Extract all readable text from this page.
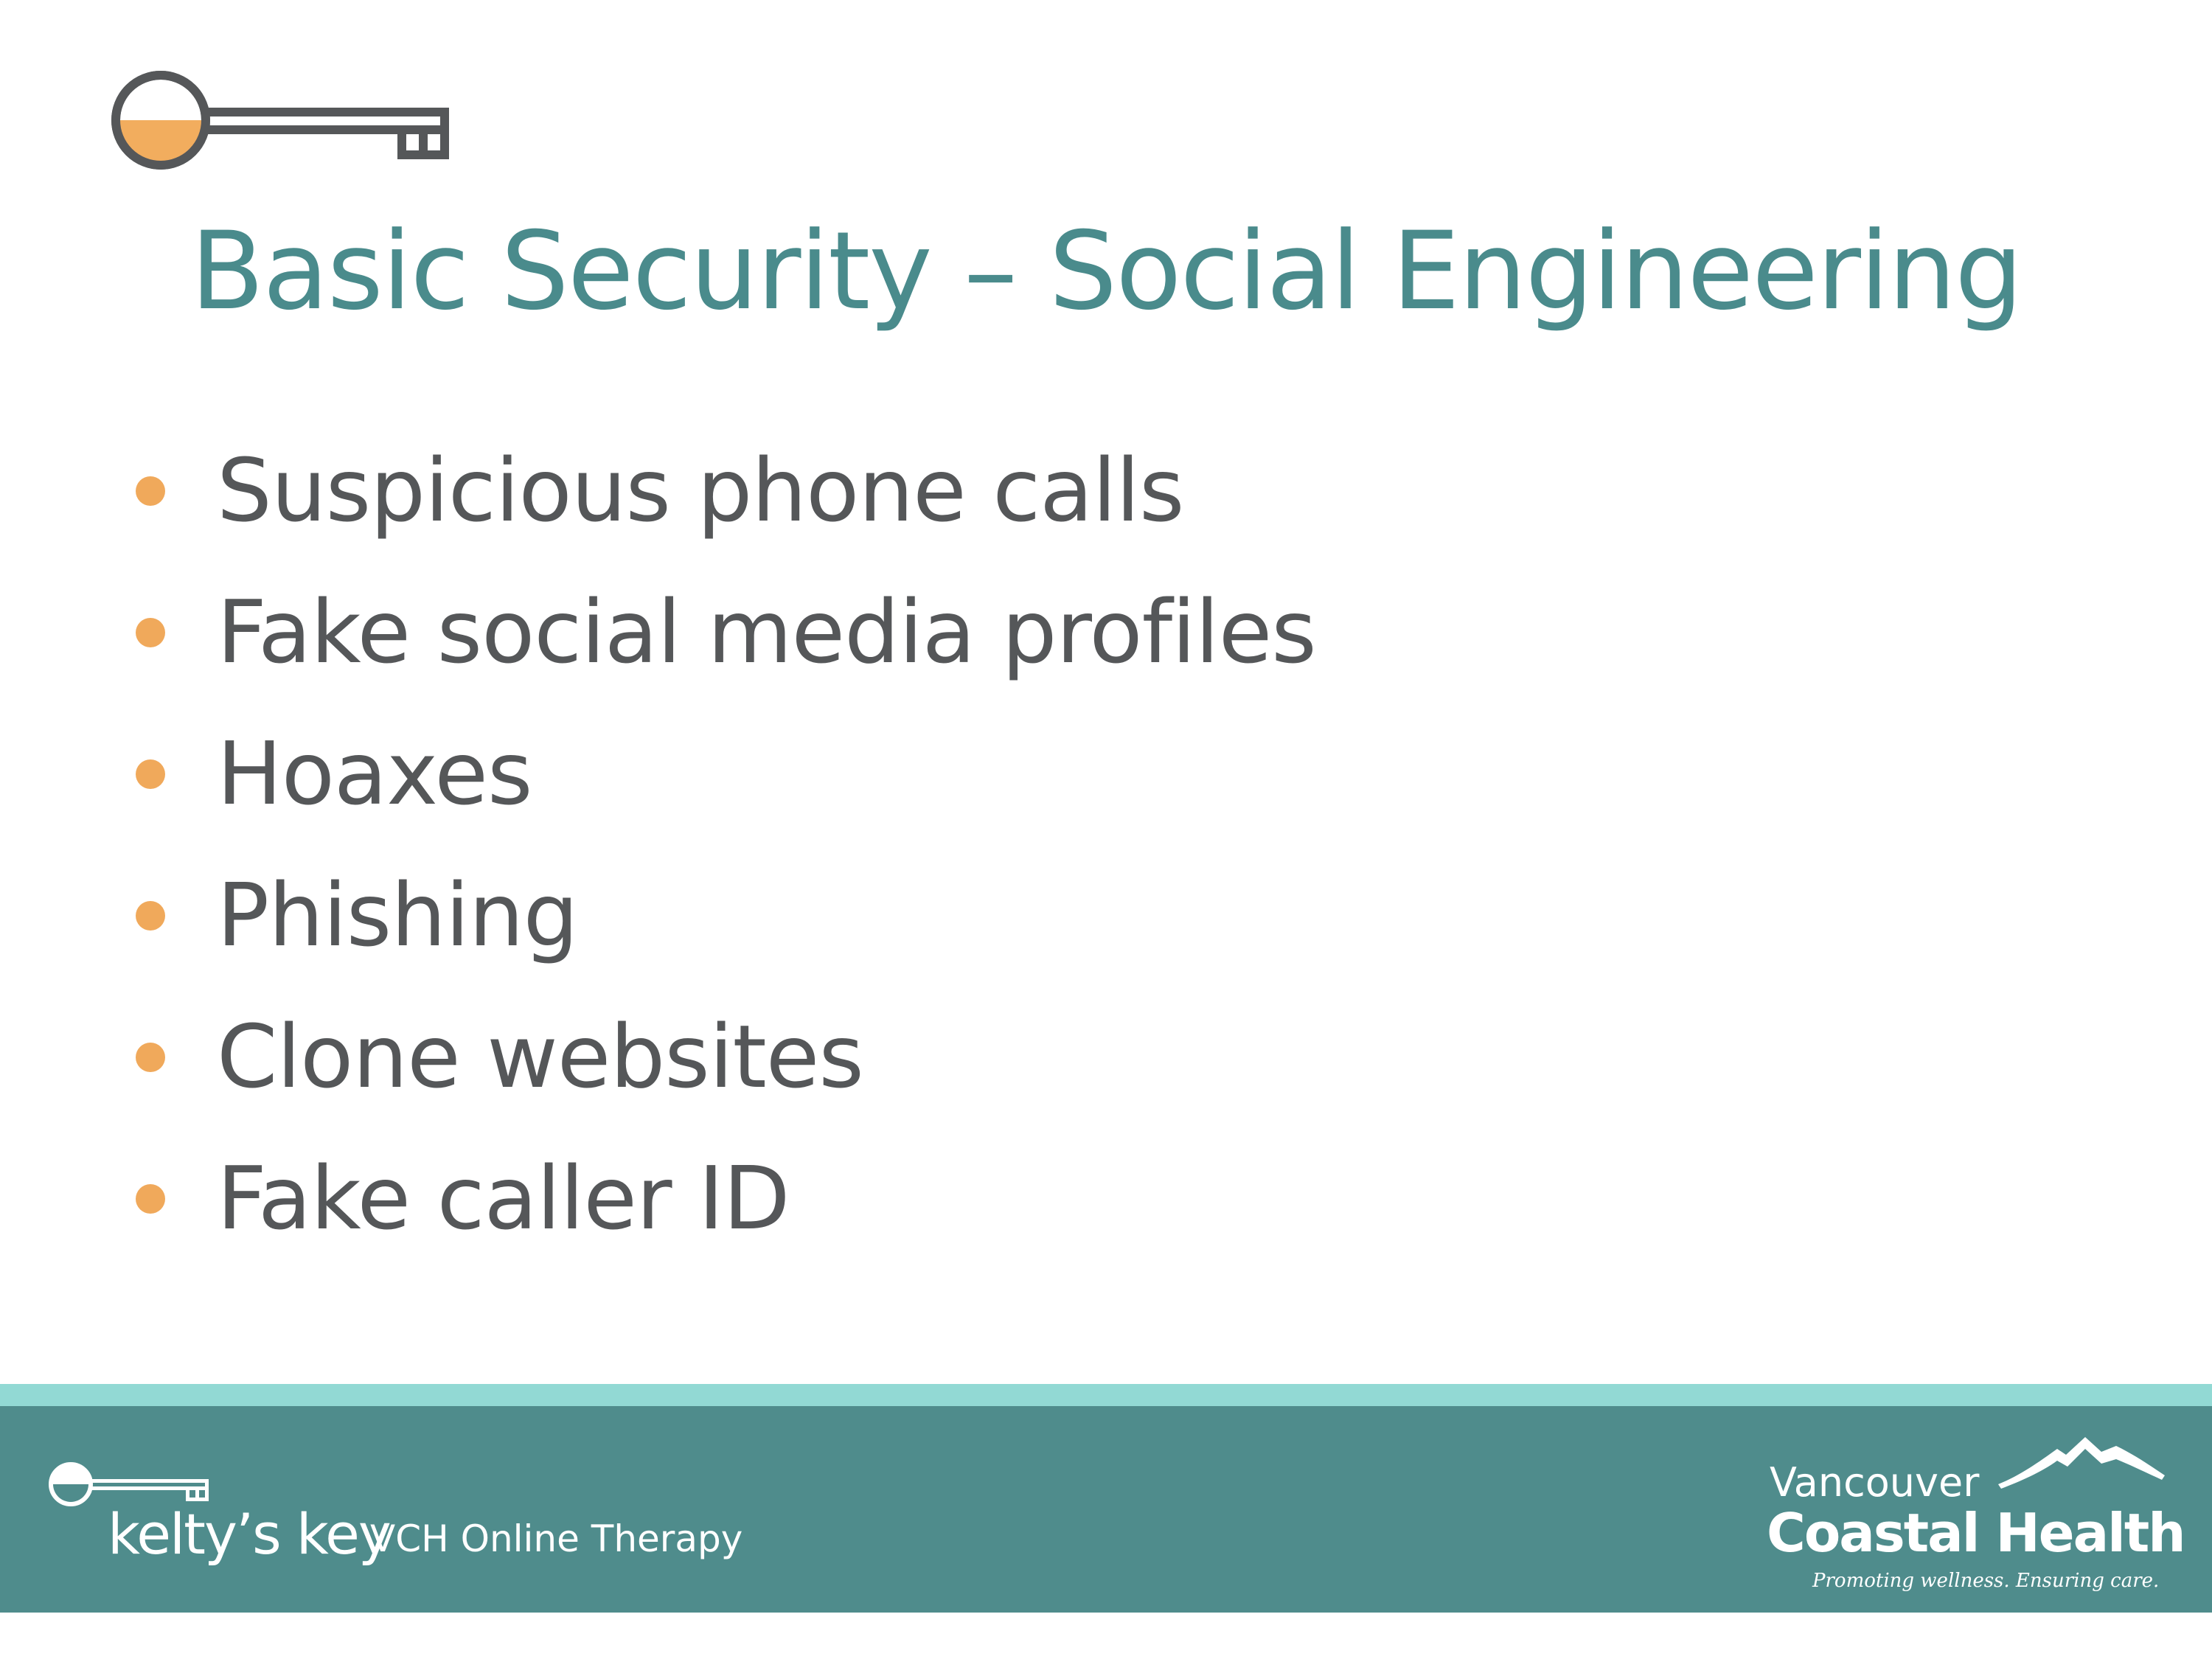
Basic Security – Social Engineering
Suspicious phone calls
Fake social media profiles
Hoaxes
Phishing
Clone websites
Fake caller ID
kelty’s key
VCH Online Therapy
Vancouver
Coastal Health
Promoting wellness. Ensuring care.
